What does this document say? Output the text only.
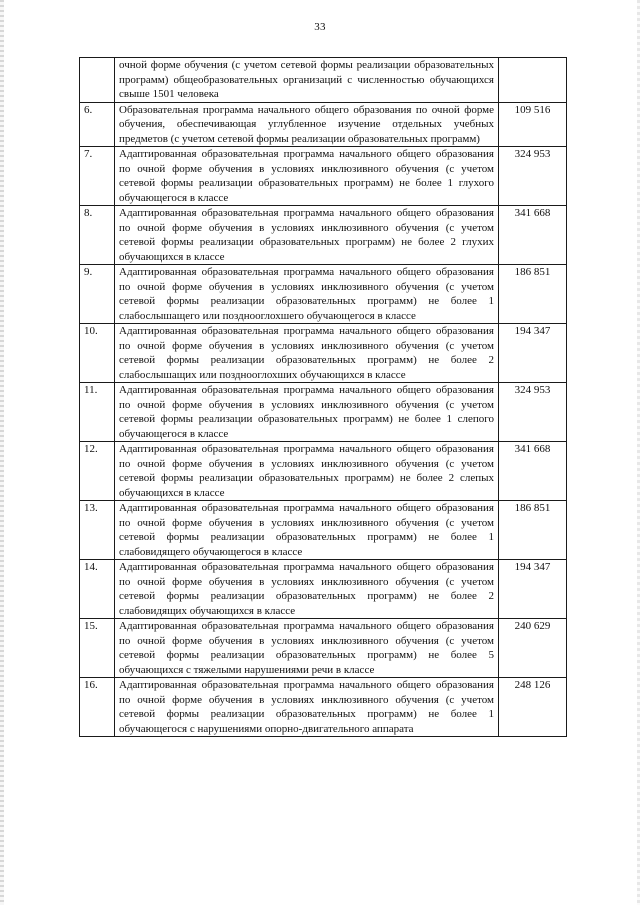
33
	очной форме обучения (с учетом сетевой формы реализации образовательных программ) общеобразовательных организаций с численностью обучающихся свыше 1501 человека	
6.	Образовательная программа начального общего образования по очной форме обучения, обеспечивающая углубленное изучение отдельных учебных предметов (с учетом сетевой формы реализации образовательных программ)	109 516
7.	Адаптированная образовательная программа начального общего образования по очной форме обучения в условиях инклюзивного обучения (с учетом сетевой формы реализации образовательных программ) не более 1 глухого обучающегося в классе	324 953
8.	Адаптированная образовательная программа начального общего образования по очной форме обучения в условиях инклюзивного обучения (с учетом сетевой формы реализации образовательных программ) не более 2 глухих обучающихся в классе	341 668
9.	Адаптированная образовательная программа начального общего образования по очной форме обучения в условиях инклюзивного обучения (с учетом сетевой формы реализации образовательных программ) не более 1 слабослышащего или позднооглохшего обучающегося в классе	186 851
10.	Адаптированная образовательная программа начального общего образования по очной форме обучения в условиях инклюзивного обучения (с учетом сетевой формы реализации образовательных программ) не более 2 слабослышащих или позднооглохших обучающихся в классе	194 347
11.	Адаптированная образовательная программа начального общего образования по очной форме обучения в условиях инклюзивного обучения (с учетом сетевой формы реализации образовательных программ) не более 1 слепого обучающегося в классе	324 953
12.	Адаптированная образовательная программа начального общего образования по очной форме обучения в условиях инклюзивного обучения (с учетом сетевой формы реализации образовательных программ) не более 2 слепых обучающихся в классе	341 668
13.	Адаптированная образовательная программа начального общего образования по очной форме обучения в условиях инклюзивного обучения (с учетом сетевой формы реализации образовательных программ) не более 1 слабовидящего обучающегося в классе	186 851
14.	Адаптированная образовательная программа начального общего образования по очной форме обучения в условиях инклюзивного обучения (с учетом сетевой формы реализации образовательных программ) не более 2 слабовидящих обучающихся в классе	194 347
15.	Адаптированная образовательная программа начального общего образования по очной форме обучения в условиях инклюзивного обучения (с учетом сетевой формы реализации образовательных программ) не более 5 обучающихся с тяжелыми нарушениями речи в классе	240 629
16.	Адаптированная образовательная программа начального общего образования по очной форме обучения в условиях инклюзивного обучения (с учетом сетевой формы реализации образовательных программ) не более 1 обучающегося с нарушениями опорно-двигательного аппарата	248 126
